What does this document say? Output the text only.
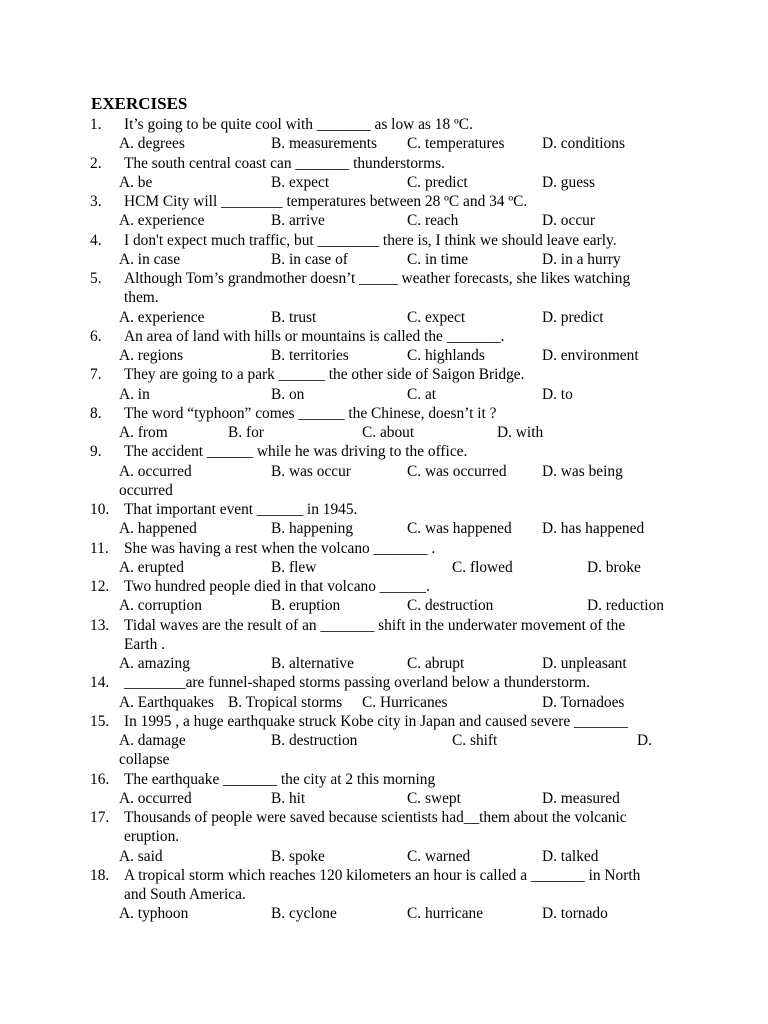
EXERCISES
1. It’s going to be quite cool with _______ as low as 18 ºC.
A. degrees	B. measurements C. temperatures D. conditions
2. The south central coast can _______ thunderstorms.
A. be	B. expect	C. predict	D. guess
3. HCM City will ________ temperatures between 28 ºC and 34 ºC.
A. experience	B. arrive	C. reach	D. occur
4. I don't expect much traffic, but ________ there is, I think we should leave early.
A. in case	B. in case of	C. in time	D. in a hurry
5. Although Tom’s grandmother doesn’t _____ weather forecasts, she likes watching
them.
A. experience	B. trust	C. expect	D. predict
6. An area of land with hills or mountains is called the _______.
A. regions	B. territories	C. highlands	D. environment
7. They are going to a park ______ the other side of Saigon Bridge.
A. in	B. on	C. at	D. to
8. The word “typhoon” comes ______ the Chinese, doesn’t it ?
A. from	B. for	C. about	D. with
9. The accident ______ while he was driving to the office.
A. occurred	B. was occur	C. was occurred D. was being
occurred
10. That important event ______ in 1945.
A. happened	B. happening	C. was happened D. has happened
11. She was having a rest when the volcano _______ .
A. erupted	B. flew	C. flowed	D. broke
12. Two hundred people died in that volcano ______.
A. corruption	B. eruption	C. destruction	D. reduction
13. Tidal waves are the result of an _______ shift in the underwater movement of the
Earth .
A. amazing	B. alternative	C. abrupt	D. unpleasant
14. ________are funnel-shaped storms passing overland below a thunderstorm.
A. Earthquakes B. Tropical storms C. Hurricanes	D. Tornadoes
15. In 1995 , a huge earthquake struck Kobe city in Japan and caused severe _______
A. damage	B. destruction	C. shift	D.
collapse
16. The earthquake _______ the city at 2 this morning
A. occurred	B. hit	C. swept	D. measured
17. Thousands of people were saved because scientists had__them about the volcanic
eruption.
A. said	B. spoke	C. warned	D. talked
18. A tropical storm which reaches 120 kilometers an hour is called a _______ in North
and South America.
A. typhoon	B. cyclone	C. hurricane	D. tornado
